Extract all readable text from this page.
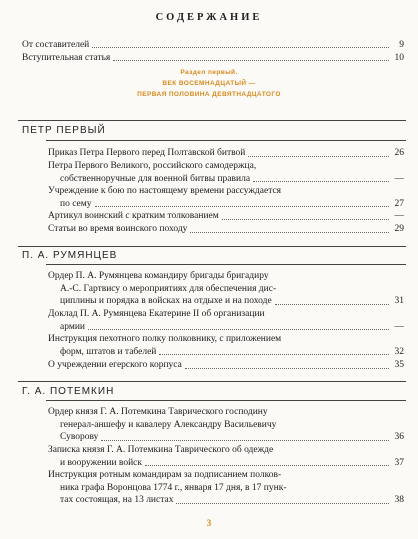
СОДЕРЖАНИЕ
От составителей	9
Вступительная статья	10
Раздел первый.
ВЕК ВОСЕМНАДЦАТЫЙ —
ПЕРВАЯ ПОЛОВИНА ДЕВЯТНАДЦАТОГО
ПЕТР ПЕРВЫЙ
Приказ Петра Первого перед Полтавской битвой	26
Петра Первого Великого, российского самодержца,
собственноручные для военной битвы правила	—
Учреждение к бою по настоящему времени рассуждается
по сему	27
Артикул воинский с кратким толкованием	—
Статьи во время воинского походу	29
П. А. РУМЯНЦЕВ
Ордер П. А. Румянцева командиру бригады бригадиру
А.-С. Гартвису о мероприятиях для обеспечения дис-
циплины и порядка в войсках на отдыхе и на походе	31
Доклад П. А. Румянцева Екатерине II об организации
армии	—
Инструкция пехотного полку полковнику, с приложением
форм, штатов и табелей	32
О учреждении егерского корпуса	35
Г. А. ПОТЕМКИН
Ордер князя Г. А. Потемкина Таврического господину
генерал-аншефу и кавалеру Александру Васильевичу
Суворову	36
Записка князя Г. А. Потемкина Таврического об одежде
и вооружении войск	37
Инструкция ротным командирам за подписанием полков-
ника графа Воронцова 1774 г., января 17 дня, в 17 пунк-
тах состоящая, на 13 листах	38
3
